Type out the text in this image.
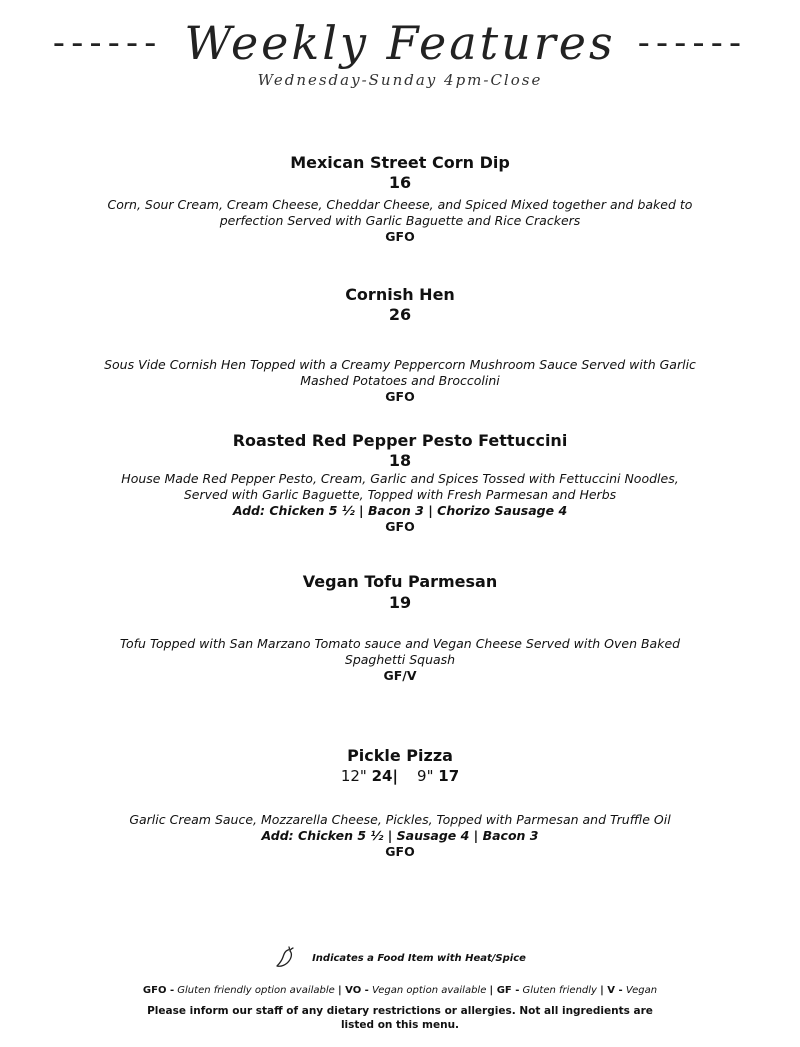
------ Weekly Features ------
Wednesday-Sunday 4pm-Close
Mexican Street Corn Dip
16
Corn, Sour Cream, Cream Cheese, Cheddar Cheese, and Spiced Mixed together and baked to perfection Served with Garlic Baguette and Rice Crackers
GFO
Cornish Hen
26
Sous Vide Cornish Hen Topped with a Creamy Peppercorn Mushroom Sauce Served with Garlic Mashed Potatoes and Broccolini
GFO
Roasted Red Pepper Pesto Fettuccini
18
House Made Red Pepper Pesto, Cream, Garlic and Spices Tossed with Fettuccini Noodles, Served with Garlic Baguette, Topped with Fresh Parmesan and Herbs
Add: Chicken 5 ½ | Bacon 3 | Chorizo Sausage 4
GFO
Vegan Tofu Parmesan
19
Tofu Topped with San Marzano Tomato sauce and Vegan Cheese Served with Oven Baked Spaghetti Squash
GF/V
Pickle Pizza
12" 24| 9" 17
Garlic Cream Sauce, Mozzarella Cheese, Pickles, Topped with Parmesan and Truffle Oil
Add: Chicken 5 ½ | Sausage 4 | Bacon 3
GFO
Indicates a Food Item with Heat/Spice
GFO - Gluten friendly option available | VO - Vegan option available | GF - Gluten friendly | V - Vegan
Please inform our staff of any dietary restrictions or allergies. Not all ingredients are listed on this menu.
